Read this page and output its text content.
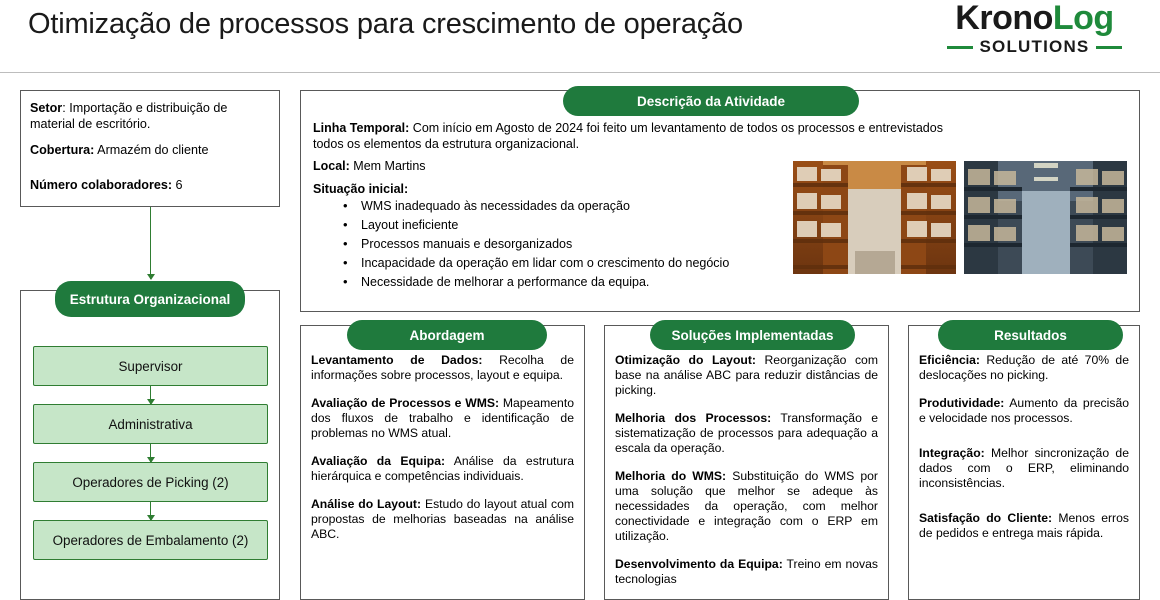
Otimização de processos para crescimento de operação	KronoLog
SOLUTIONS
Setor: Importação e distribuição de material de escritório.
Cobertura: Armazém do cliente
Número colaboradores: 6
Supervisor
Administrativa
Operadores de Picking (2)
Operadores de Embalamento (2)
Estrutura Organizacional

Linha Temporal: Com início em Agosto de 2024 foi feito um levantamento de todos os processos e entrevistados todos os elementos da estrutura organizacional.

Local: Mem Martins

Situação inicial:

• WMS inadequado às necessidades da operação
• Layout ineficiente
• Processos manuais e desorganizados
• Incapacidade da operação em lidar com o crescimento do negócio
• Necessidade de melhorar a performance da equipa.
Descrição da Atividade

Levantamento de Dados: Recolha de informações sobre processos, layout e equipa.

Avaliação de Processos e WMS: Mapeamento dos fluxos de trabalho e identificação de problemas no WMS atual.

Avaliação da Equipa: Análise da estrutura hierárquica e competências individuais.

Análise do Layout: Estudo do layout atual com propostas de melhorias baseadas na análise ABC.

Abordagem

Otimização do Layout: Reorganização com base na análise ABC para reduzir distâncias de picking.

Melhoria dos Processos: Transformação e sistematização de processos para adequação a escala da operação.

Melhoria do WMS: Substituição do WMS por uma solução que melhor se adeque às necessidades da operação, com melhor conectividade e integração com o ERP em utilização.

Desenvolvimento da Equipa: Treino em novas tecnologias

Soluções Implementadas

Eficiência: Redução de até 70% de deslocações no picking.

Produtividade: Aumento da precisão e velocidade nos processos.

Integração: Melhor sincronização de dados com o ERP, eliminando inconsistências.

Satisfação do Cliente: Menos erros de pedidos e entrega mais rápida.

Resultados
